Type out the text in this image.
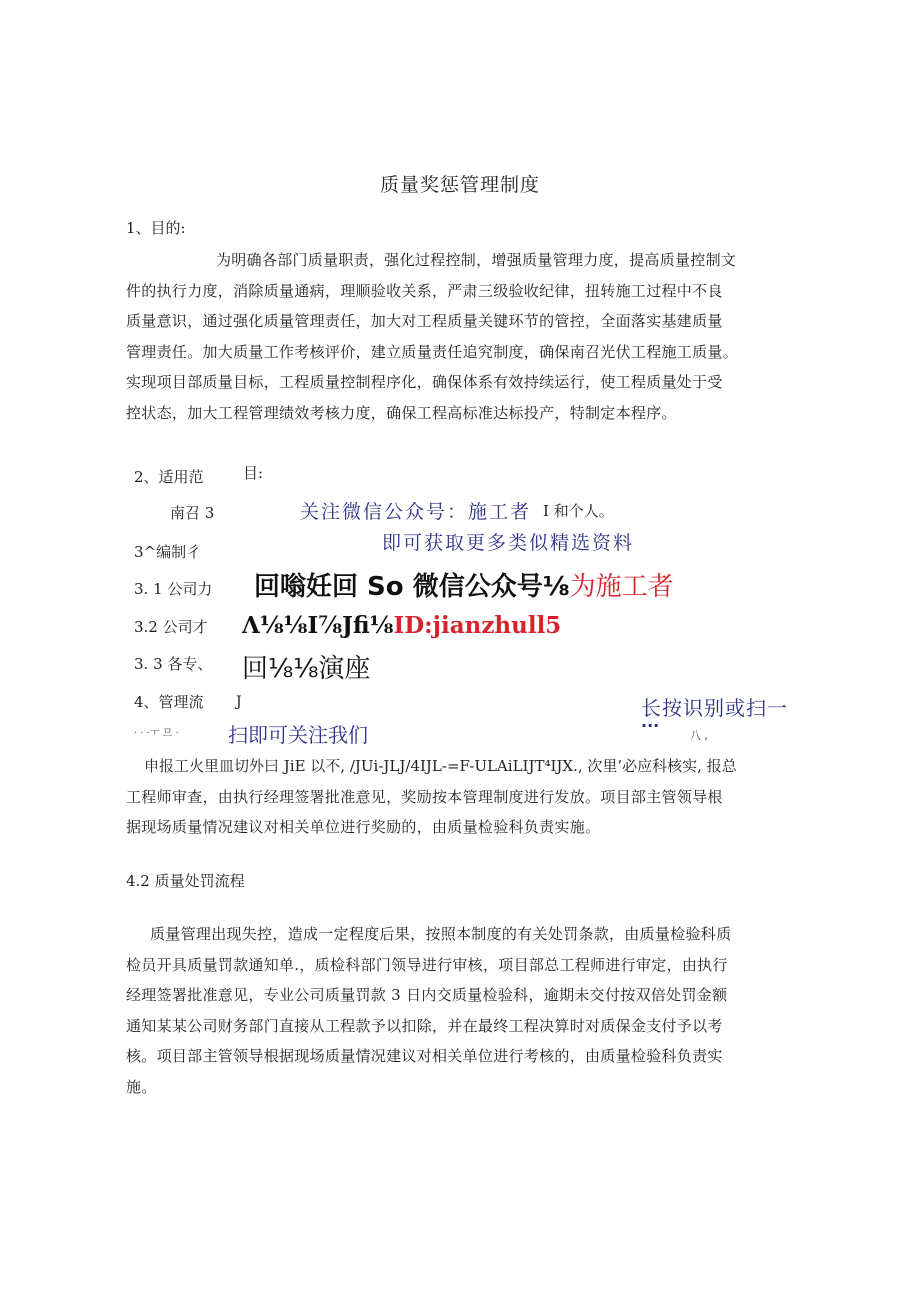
质量奖惩管理制度
1、目的:
为明确各部门质量职责，强化过程控制，增强质量管理力度，提高质量控制文
件的执行力度，消除质量通病，理顺验收关系，严肃三级验收纪律，扭转施工过程中不良
质量意识，通过强化质量管理责任，加大对工程质量关键环节的管控，全面落实基建质量
管理责任。加大质量工作考核评价，建立质量责任追究制度，确保南召光伏工程施工质量。
实现项目部质量目标，工程质量控制程序化，确保体系有效持续运行，使工程质量处于受
控状态，加大工程管理绩效考核力度，确保工程高标准达标投产，特制定本程序。
2、适用范	目:
南召 3	I 和个人。
3^编制彳
3. 1 公司力
3.2 公司才
3. 3 各专、
4、管理流 J
· · ·ㅜ 므 ·	八 ,
申报工火里皿切外曰 JiE 以不, /JUi-JLJ/4IJL-=F-ULAiLIJT⁴IJX., 次里’必应科核实, 报总
工程师审查，由执行经理签署批准意见，奖励按本管理制度进行发放。项目部主管领导根
据现场质量情况建议对相关单位进行奖励的，由质量检验科负责实施。
4.2 质量处罚流程
质量管理出现失控，造成一定程度后果，按照本制度的有关处罚条款，由质量检验科质
检员开具质量罚款通知单.，质检科部门领导进行审核，项目部总工程师进行审定，由执行
经理签署批准意见，专业公司质量罚款 3 日内交质量检验科，逾期未交付按双倍处罚金额
通知某某公司财务部门直接从工程款予以扣除，并在最终工程决算时对质保金支付予以考
核。项目部主管领导根据现场质量情况建议对相关单位进行考核的，由质量检验科负责实
施。
关注微信公众号：施工者
即可获取更多类似精选资料
回嗡妊回 So 微信公众号⅛为施工者
Λ⅛⅛I⅞Jfi⅛ID:jianzhull5
回⅛⅛演座
长按识别或扫一
···
扫即可关注我们
